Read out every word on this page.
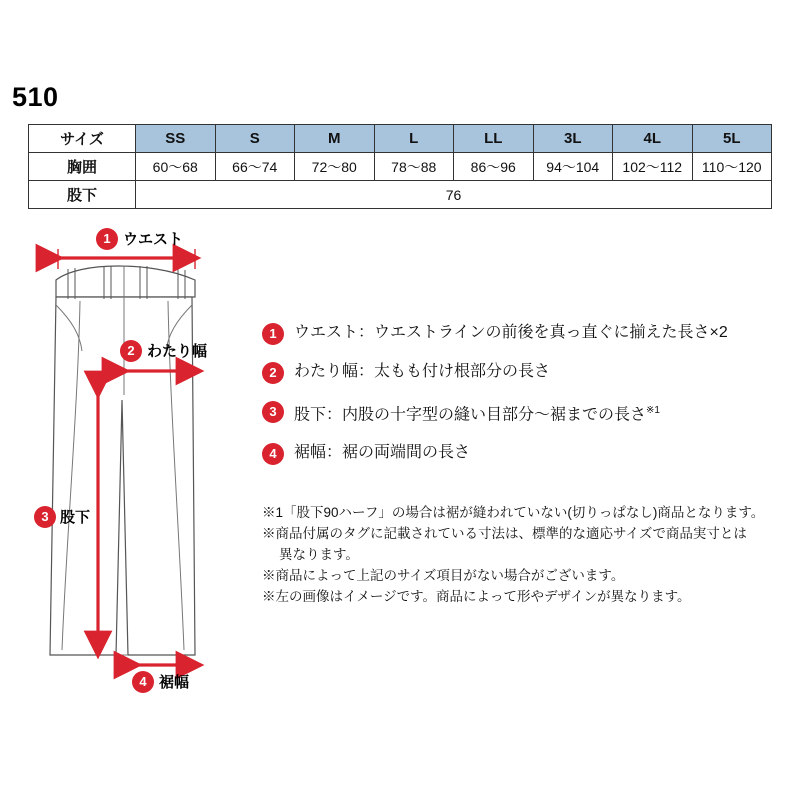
510
サイズ	SS	S	M	L	LL	3L	4L	5L
胸囲	60〜68	66〜74	72〜80	78〜88	86〜96	94〜104	102〜112	110〜120
股下	76							
1 ウエスト
2 わたり幅
3 股下
4 裾幅
1	ウエスト：ウエストラインの前後を真っ直ぐに揃えた長さ×2
2	わたり幅：太もも付け根部分の長さ
3	股下：内股の十字型の縫い目部分〜裾までの長さ$^{※1}$
4	裾幅：裾の両端間の長さ
※1「股下90ハーフ」の場合は裾が縫われていない(切りっぱなし)商品となります。
※商品付属のタグに記載されている寸法は、標準的な適応サイズで商品実寸とは
異なります。
※商品によって上記のサイズ項目がない場合がございます。
※左の画像はイメージです。商品によって形やデザインが異なります。
